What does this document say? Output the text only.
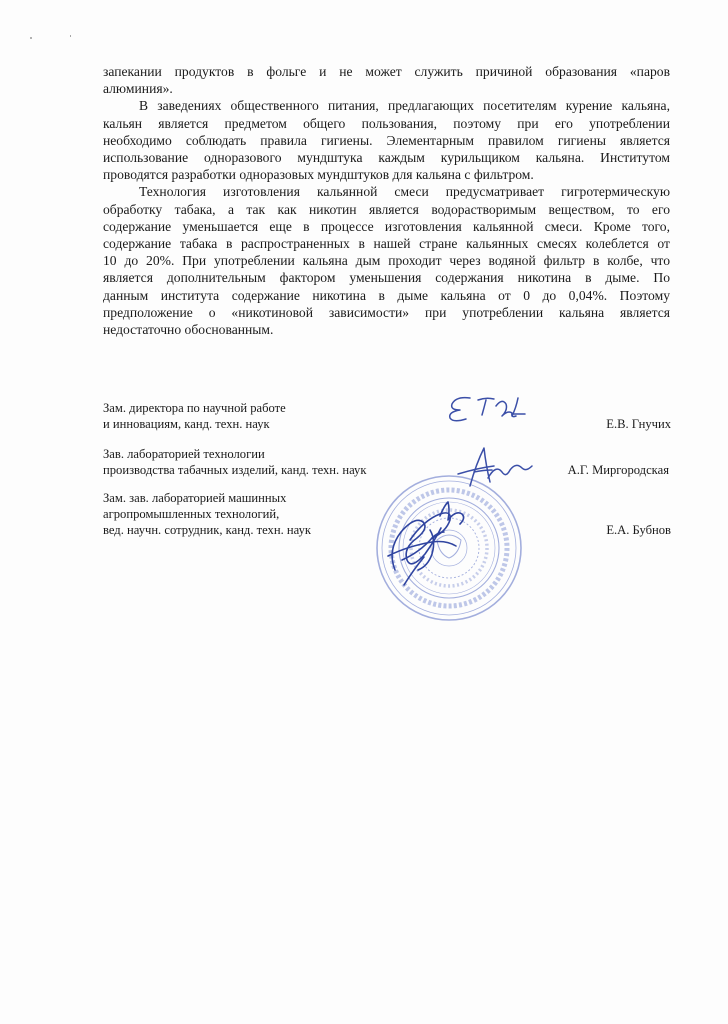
запекании продуктов в фольге и не может служить причиной образования «паров

алюминия».

В заведениях общественного питания, предлагающих посетителям курение кальяна,

кальян является предметом общего пользования, поэтому при его употреблении

необходимо соблюдать правила гигиены. Элементарным правилом гигиены является

использование одноразового мундштука каждым курильщиком кальяна. Институтом

проводятся разработки одноразовых мундштуков для кальяна с фильтром.

Технология изготовления кальянной смеси предусматривает гигротермическую

обработку табака, а так как никотин является водорастворимым веществом, то его

содержание уменьшается еще в процессе изготовления кальянной смеси. Кроме того,

содержание табака в распространенных в нашей стране кальянных смесях колеблется от

10 до 20%. При употреблении кальяна дым проходит через водяной фильтр в колбе, что

является дополнительным фактором уменьшения содержания никотина в дыме. По

данным института содержание никотина в дыме кальяна от 0 до 0,04%. Поэтому

предположение о «никотиновой зависимости» при употреблении кальяна является

недостаточно обоснованным.

Зам. директора по научной работе
и инновациям, канд. техн. наук	Е.В. Гнучих
Зав. лабораторией технологии
производства табачных изделий, канд. техн. наук	А.Г. Миргородская
Зам. зав. лабораторией машинных
агропромышленных технологий,
вед. научн. сотрудник, канд. техн. наук	Е.А. Бубнов
